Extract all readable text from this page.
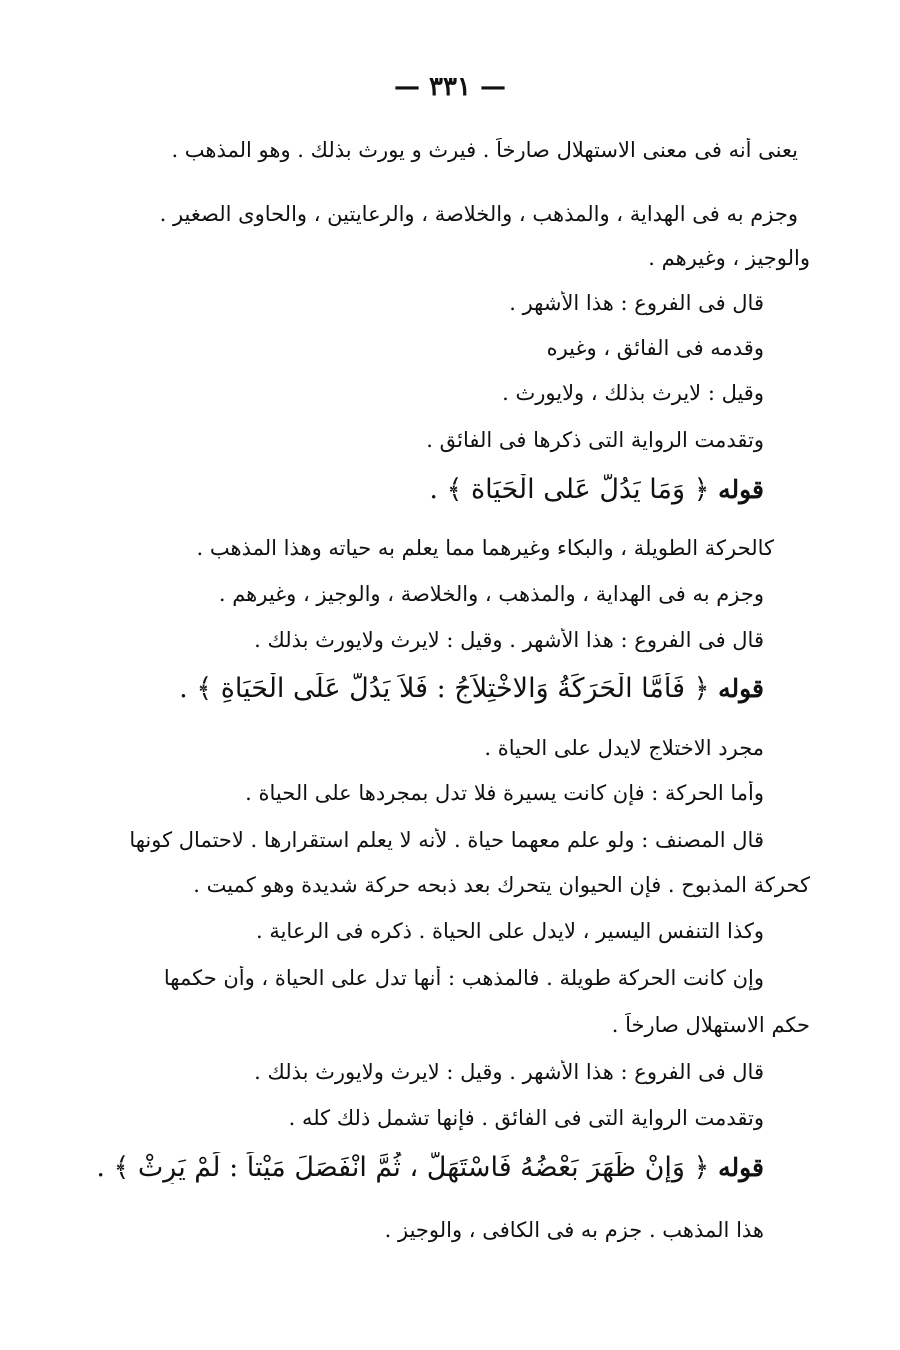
— ٣٣١ —
يعنى أنه فى معنى الاستهلال صارخاً . فيرث و يورث بذلك . وهو المذهب .
وجزم به فى الهداية ، والمذهب ، والخلاصة ، والرعايتين ، والحاوى الصغير .
والوجيز ، وغيرهم .
قال فى الفروع : هذا الأشهر .
وقدمه فى الفائق ، وغيره
وقيل : لايرث بذلك ، ولايورث .
وتقدمت الرواية التى ذكرها فى الفائق .
قوله ﴿ وَمَا يَدُلّ عَلى الْحَيَاة ﴾ .
كالحركة الطويلة ، والبكاء وغيرهما مما يعلم به حياته وهذا المذهب .
وجزم به فى الهداية ، والمذهب ، والخلاصة ، والوجيز ، وغيرهم .
قال فى الفروع : هذا الأشهر . وقيل : لايرث ولايورث بذلك .
قوله ﴿ فَأَمَّا الْحَرَكَةُ وَالاخْتِلاَجُ : فَلاَ يَدُلُّ عَلَى الْحَيَاةِ ﴾ .
مجرد الاختلاج لايدل على الحياة .
وأما الحركة : فإن كانت يسيرة فلا تدل بمجردها على الحياة .
قال المصنف : ولو علم معهما حياة . لأنه لا يعلم استقرارها . لاحتمال كونها
كحركة المذبوح . فإن الحيوان يتحرك بعد ذبحه حركة شديدة وهو كميت .
وكذا التنفس اليسير ، لايدل على الحياة . ذكره فى الرعاية .
وإن كانت الحركة طويلة . فالمذهب : أنها تدل على الحياة ، وأن حكمها
حكم الاستهلال صارخاً .
قال فى الفروع : هذا الأشهر . وقيل : لايرث ولايورث بذلك .
وتقدمت الرواية التى فى الفائق . فإنها تشمل ذلك كله .
قوله ﴿ وَإِنْ ظَهَرَ بَعْضُهُ فَاسْتَهَلَّ ، ثُمَّ انْفَصَلَ مَيْتاً : لَمْ يَرِثْ ﴾ .
هذا المذهب . جزم به فى الكافى ، والوجيز .
